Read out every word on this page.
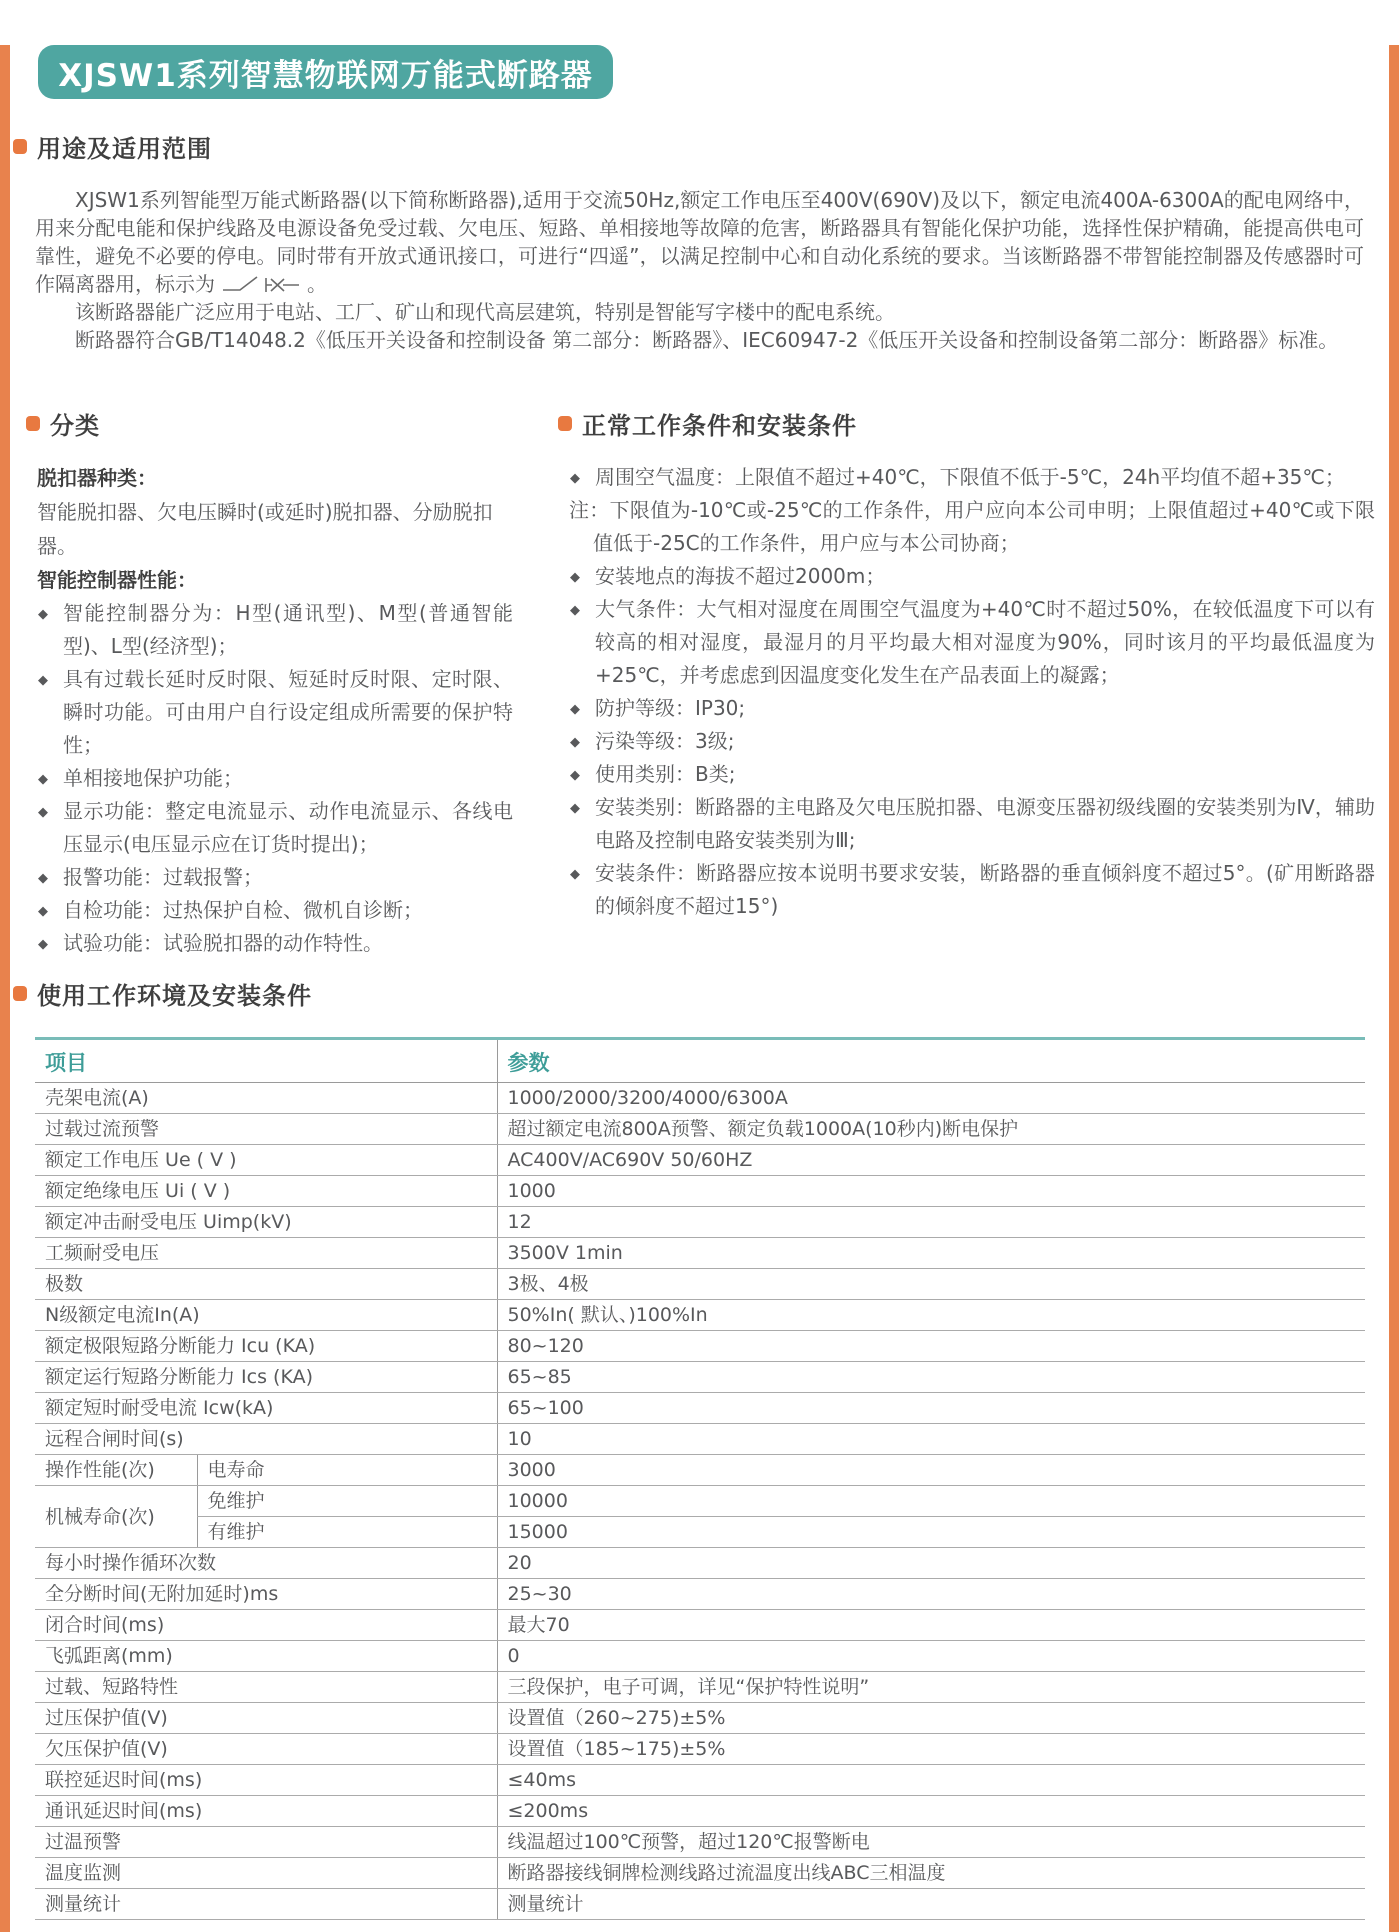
XJSW1系列智慧物联网万能式断路器
用途及适用范围

XJSW1系列智能型万能式断路器(以下简称断路器),适用于交流50Hz,额定工作电压至400V(690V)及以下，额定电流400A-6300A的配电网络中，用来分配电能和保护线路及电源设备免受过载、欠电压、短路、单相接地等故障的危害，断路器具有智能化保护功能，选择性保护精确，能提高供电可靠性，避免不必要的停电。同时带有开放式通讯接口，可进行“四遥”，以满足控制中心和自动化系统的要求。当该断路器不带智能控制器及传感器时可作隔离器用，标示为	。

该断路器能广泛应用于电站、工厂、矿山和现代高层建筑，特别是智能写字楼中的配电系统。

断路器符合GB/T14048.2《低压开关设备和控制设备 第二部分：断路器》、IEC60947-2《低压开关设备和控制设备第二部分：断路器》标准。

分类
脱扣器种类：
智能脱扣器、欠电压瞬时(或延时)脱扣器、分励脱扣器。
智能控制器性能：
◆ 智能控制器分为：H型(通讯型)、M型(普通智能型)、L型(经济型)；
◆ 具有过载长延时反时限、短延时反时限、定时限、瞬时功能。可由用户自行设定组成所需要的保护特性；
◆ 单相接地保护功能；
◆ 显示功能：整定电流显示、动作电流显示、各线电压显示(电压显示应在订货时提出)；
◆ 报警功能：过载报警；
◆ 自检功能：过热保护自检、微机自诊断；
◆ 试验功能：试验脱扣器的动作特性。
正常工作条件和安装条件
◆ 周围空气温度：上限值不超过+40℃，下限值不低于-5℃，24h平均值不超+35℃；
注：下限值为-10℃或-25℃的工作条件，用户应向本公司申明；上限值超过+40℃或下限值低于-25C的工作条件，用户应与本公司协商；
◆ 安装地点的海拔不超过2000m；
◆ 大气条件：大气相对湿度在周围空气温度为+40℃时不超过50%，在较低温度下可以有较高的相对湿度，最湿月的月平均最大相对湿度为90%，同时该月的平均最低温度为+25℃，并考虑虑到因温度变化发生在产品表面上的凝露；
◆ 防护等级：IP30;
◆ 污染等级：3级;
◆ 使用类别：B类;
◆ 安装类别：断路器的主电路及欠电压脱扣器、电源变压器初级线圈的安装类别为Ⅳ，辅助电路及控制电路安装类别为Ⅲ;
◆ 安装条件：断路器应按本说明书要求安装，断路器的垂直倾斜度不超过5°。(矿用断路器的倾斜度不超过15°)
使用工作环境及安装条件
项目		参数
壳架电流(A)		1000/2000/3200/4000/6300A
过载过流预警		超过额定电流800A预警、额定负载1000A(10秒内)断电保护
额定工作电压 Ue ( V )		AC400V/AC690V 50/60HZ
额定绝缘电压 Ui ( V )		1000
额定冲击耐受电压 Uimp(kV)		12
工频耐受电压		3500V 1min
极数		3极、4极
N级额定电流In(A)		50%In( 默认、)100%In
额定极限短路分断能力 Icu (KA)		80~120
额定运行短路分断能力 Ics (KA)		65~85
额定短时耐受电流 Icw(kA)		65~100
远程合闸时间(s)		10
操作性能(次)	电寿命	3000
机械寿命(次)	免维护	10000
	有维护	15000
每小时操作循环次数		20
全分断时间(无附加延时)ms		25~30
闭合时间(ms)		最大70
飞弧距离(mm)		0
过载、短路特性		三段保护，电子可调，详见“保护特性说明”
过压保护值(V)		设置值（260~275)±5%
欠压保护值(V)		设置值（185~175)±5%
联控延迟时间(ms)		≤40ms
通讯延迟时间(ms)		≤200ms
过温预警		线温超过100℃预警，超过120℃报警断电
温度监测		断路器接线铜牌检测线路过流温度出线ABC三相温度
测量统计		测量统计
